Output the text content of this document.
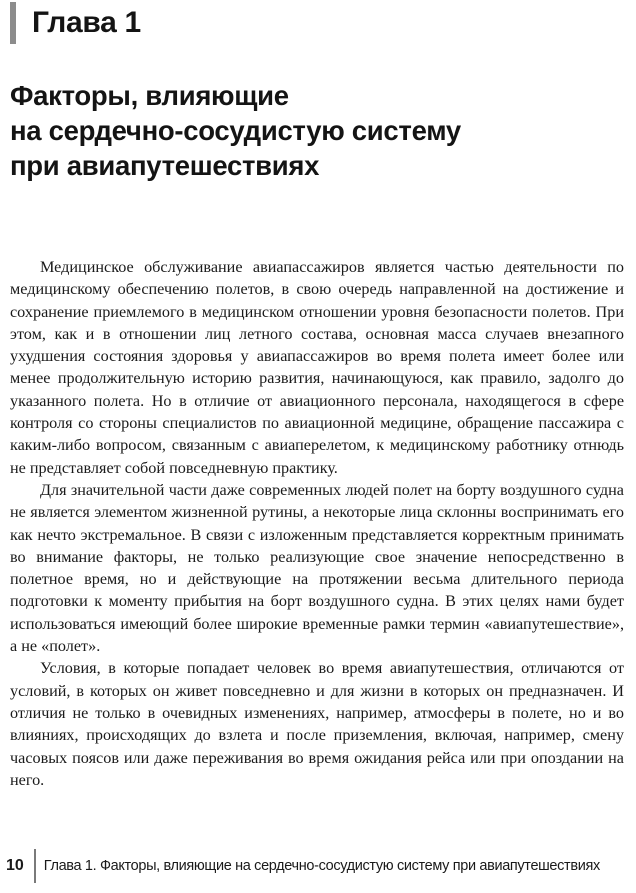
Глава 1
Факторы, влияющие
на сердечно-сосудистую систему
при авиапутешествиях

Медицинское обслуживание авиапассажиров является частью деятельности по медицинскому обеспечению полетов, в свою очередь направленной на достижение и сохранение приемлемого в медицинском отношении уровня безопасности полетов. При этом, как и в отношении лиц летного состава, основная масса случаев внезапного ухудшения состояния здоровья у авиапассажиров во время полета имеет более или менее продолжительную историю развития, начинающуюся, как правило, задолго до указанного полета. Но в отличие от авиационного персонала, находящегося в сфере контроля со стороны специалистов по авиационной медицине, обращение пассажира с каким-либо вопросом, связанным с авиаперелетом, к медицинскому работнику отнюдь не представляет собой повседневную практику.

Для значительной части даже современных людей полет на борту воздушного судна не является элементом жизненной рутины, а некоторые лица склонны воспринимать его как нечто экстремальное. В связи с изложенным представляется корректным принимать во внимание факторы, не только реализующие свое значение непосредственно в полетное время, но и действующие на протяжении весьма длительного периода подготовки к моменту прибытия на борт воздушного судна. В этих целях нами будет использоваться имеющий более широкие временные рамки термин «авиапутешествие», а не «полет».

Условия, в которые попадает человек во время авиапутешествия, отличаются от условий, в которых он живет повседневно и для жизни в которых он предназначен. И отличия не только в очевидных изменениях, например, атмосферы в полете, но и во влияниях, происходящих до взлета и после приземления, включая, например, смену часовых поясов или даже переживания во время ожидания рейса или при опоздании на него.

10 Глава 1. Факторы, влияющие на сердечно-сосудистую систему при авиапутешествиях
